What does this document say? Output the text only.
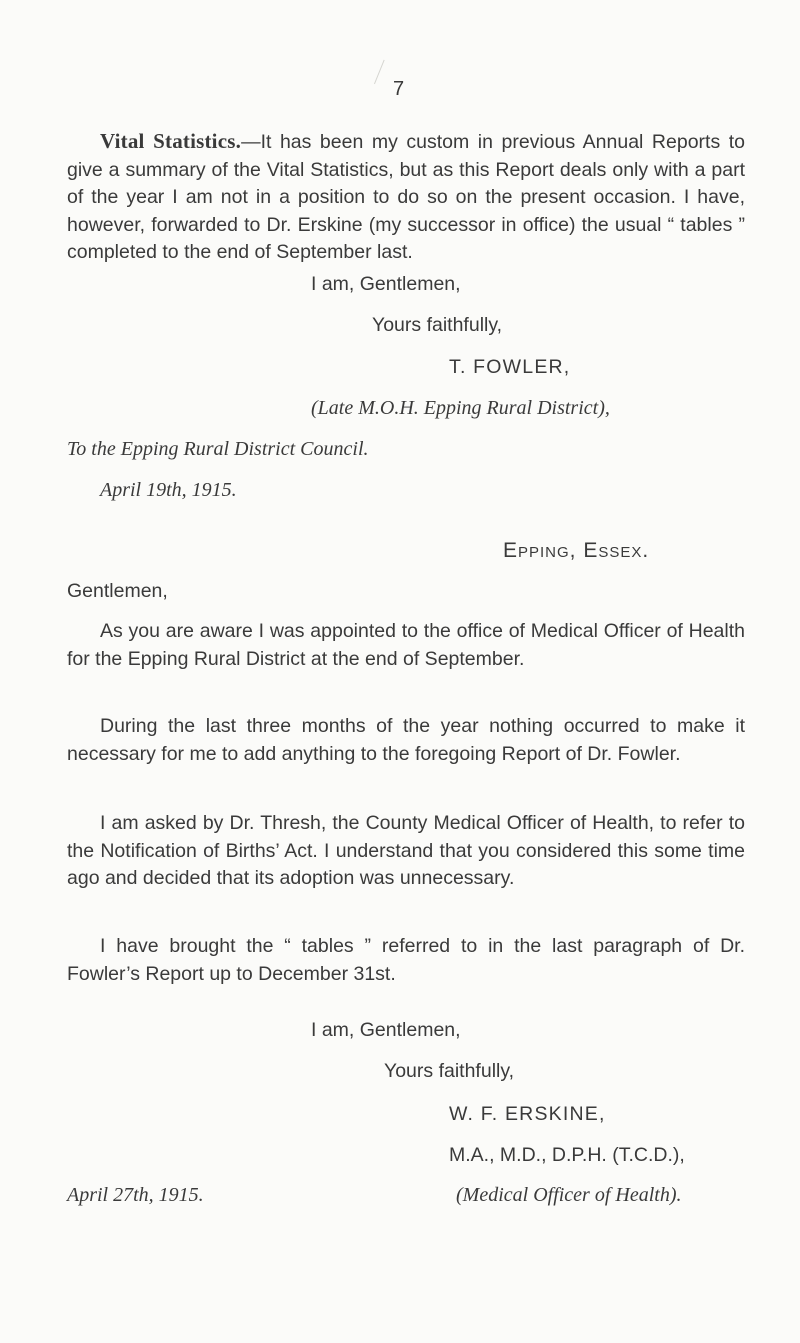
7
Vital Statistics.—It has been my custom in previous Annual Reports to give a summary of the Vital Statistics, but as this Report deals only with a part of the year I am not in a position to do so on the present occasion. I have, however, forwarded to Dr. Erskine (my successor in office) the usual “ tables ” completed to the end of September last.
I am, Gentlemen,
Yours faithfully,
T. FOWLER,
(Late M.O.H. Epping Rural District),
To the Epping Rural District Council.
April 19th, 1915.
Epping, Essex.
Gentlemen,
As you are aware I was appointed to the office of Medical Officer of Health for the Epping Rural District at the end of September.
During the last three months of the year nothing occurred to make it necessary for me to add anything to the foregoing Report of Dr. Fowler.
I am asked by Dr. Thresh, the County Medical Officer of Health, to refer to the Notification of Births’ Act. I understand that you considered this some time ago and decided that its adoption was unnecessary.
I have brought the “ tables ” referred to in the last paragraph of Dr. Fowler’s Report up to December 31st.
I am, Gentlemen,
Yours faithfully,
W. F. ERSKINE,
M.A., M.D., D.P.H. (T.C.D.),
April 27th, 1915.	(Medical Officer of Health).
